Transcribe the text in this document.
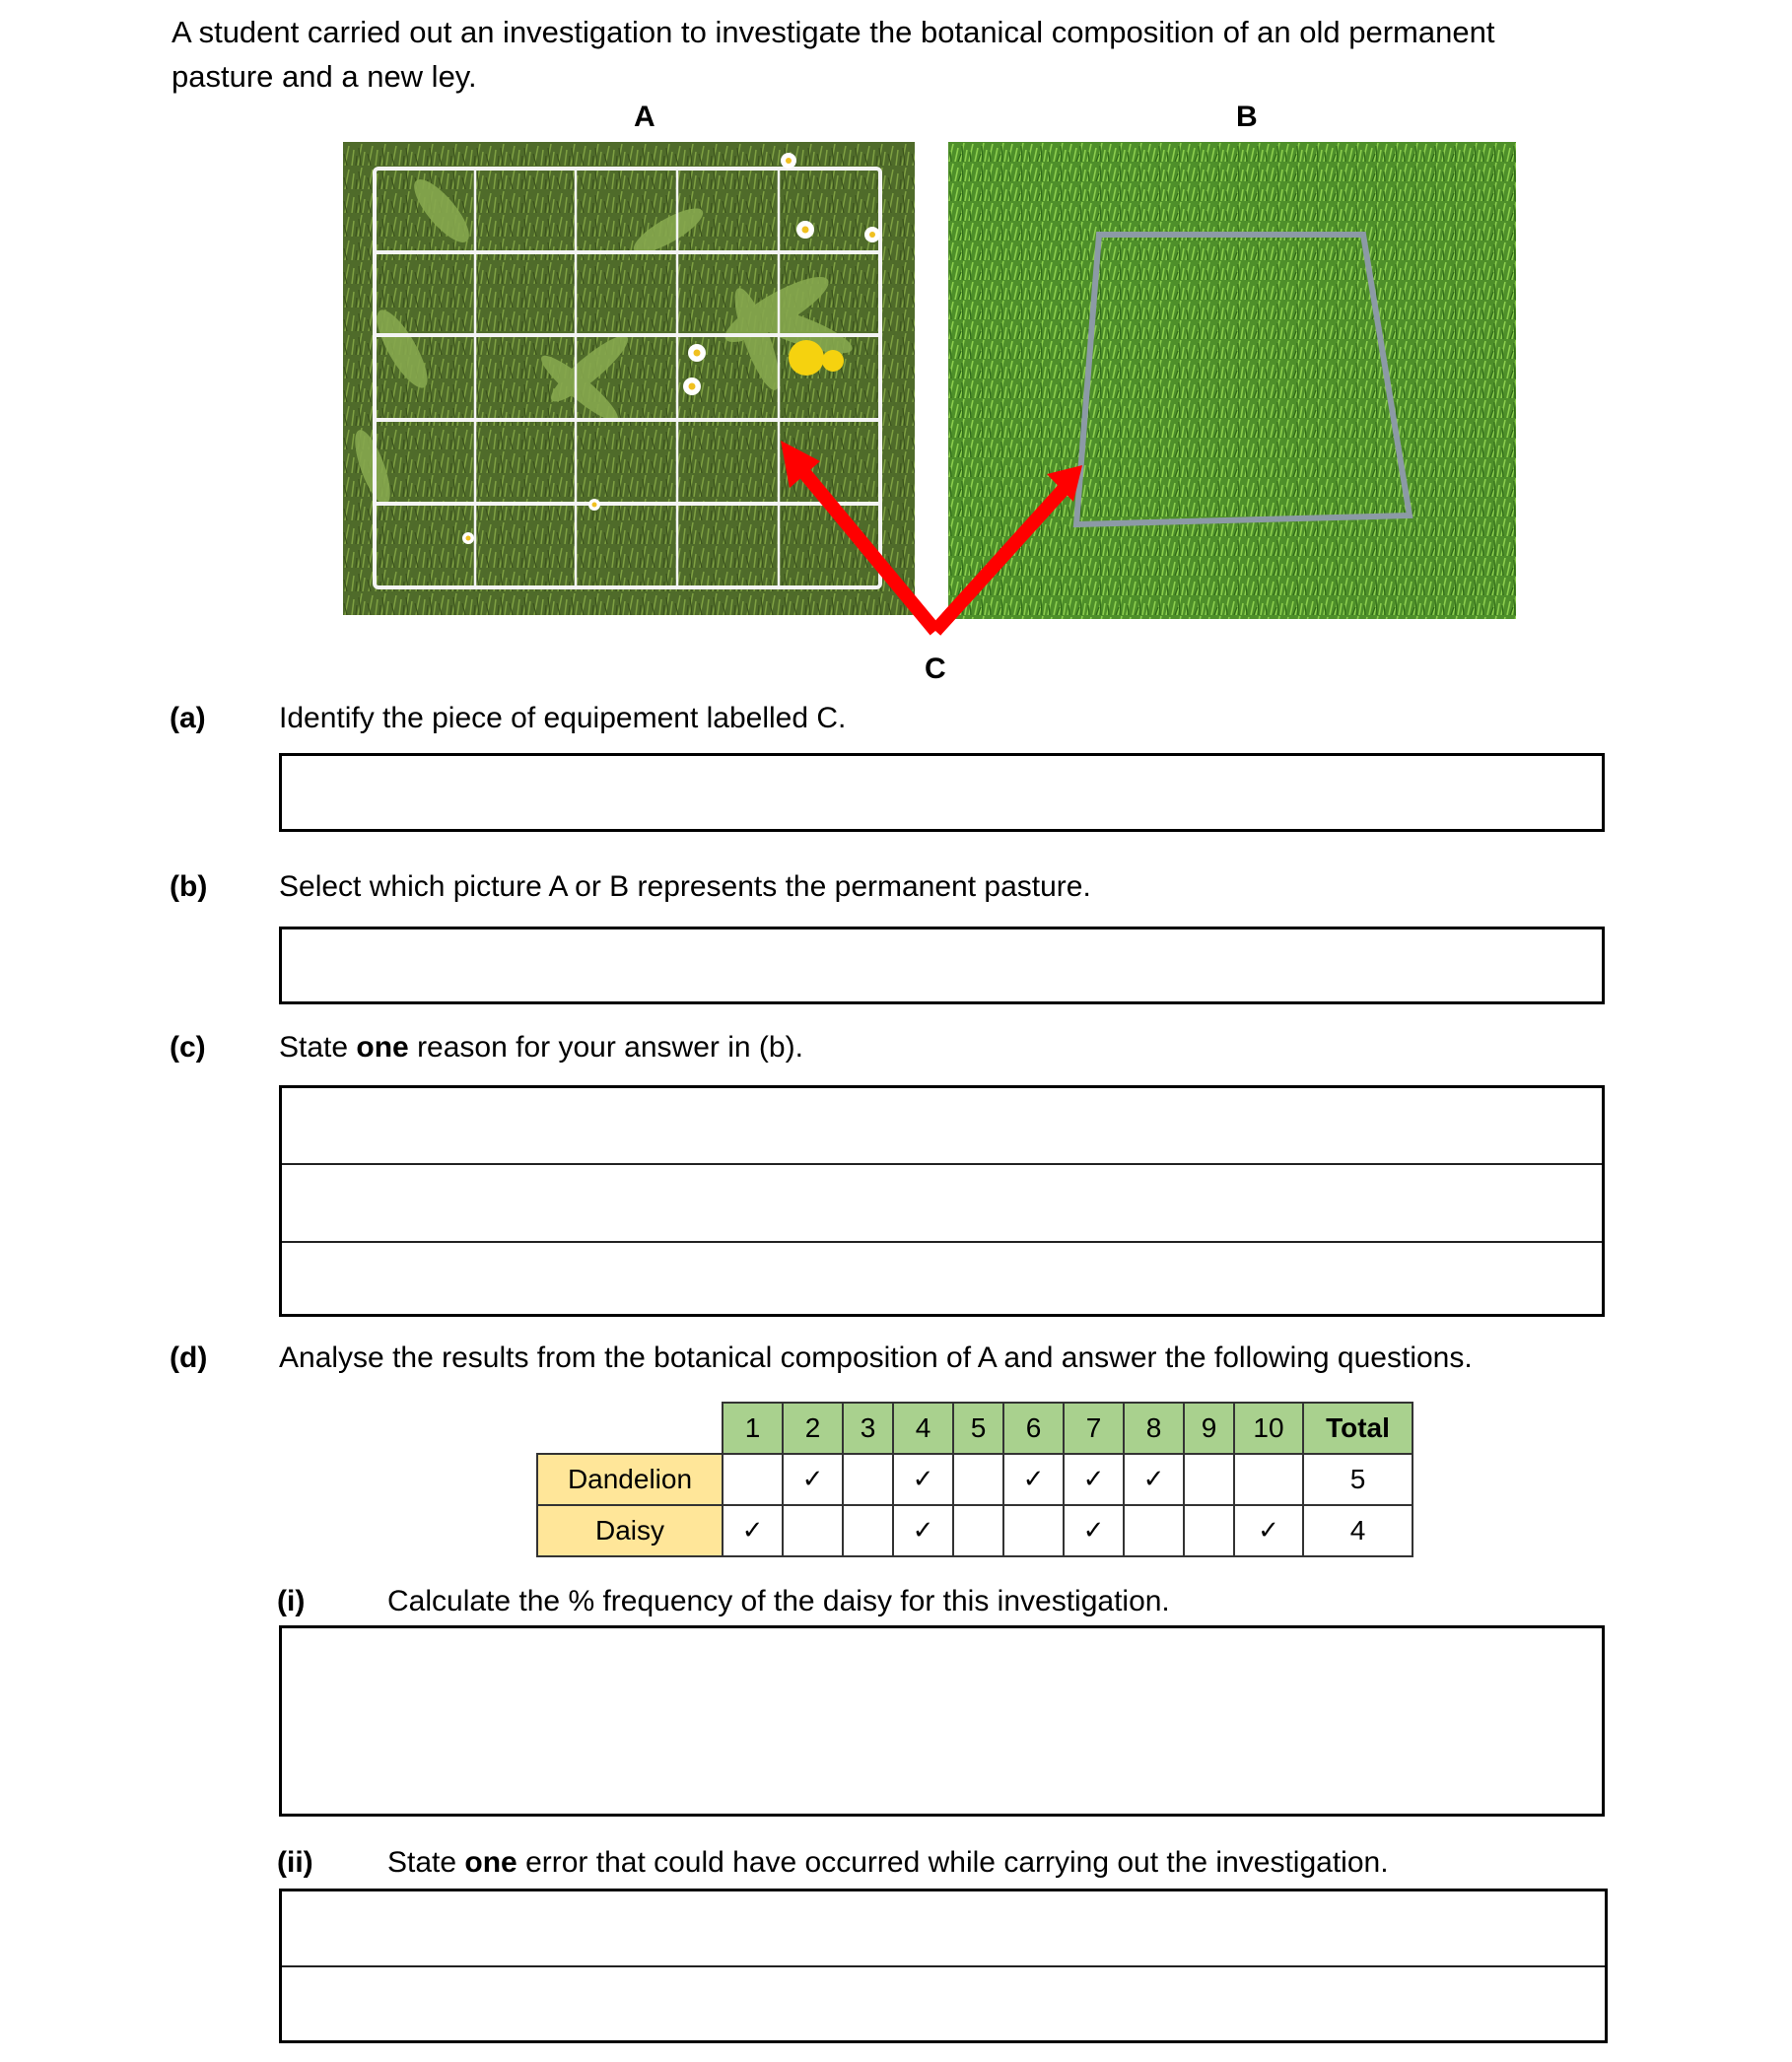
A student carried out an investigation to investigate the botanical composition of an old permanent pasture and a new ley.
A	B
C
(a) Identify the piece of equipement labelled C.
(b) Select which picture A or B represents the permanent pasture.
(c) State one reason for your answer in (b).
(d) Analyse the results from the botanical composition of A and answer the following questions.
	1	2	3	4	5	6	7	8	9	10	Total
Dandelion		✓		✓		✓	✓	✓			5
Daisy	✓			✓			✓			✓	4
(i)	Calculate the % frequency of the daisy for this investigation.
(ii)	State one error that could have occurred while carrying out the investigation.
